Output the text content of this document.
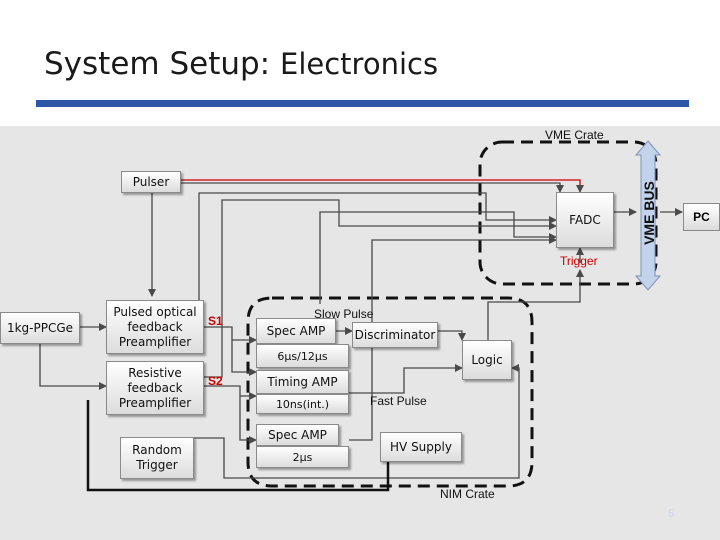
System Setup: Electronics
VME Crate
NIM Crate
VME BUS
Pulser
FADC	PC
1kg-PPCGe
Pulsed optical feedback Preamplifier
Resistive feedback Preamplifier
Random Trigger
Spec AMP
6μs/12μs
Discriminator
Logic
Timing AMP
10ns(int.)
Spec AMP
2μs
HV Supply
Trigger
Slow Pulse
Fast Pulse
S1
S2
5
